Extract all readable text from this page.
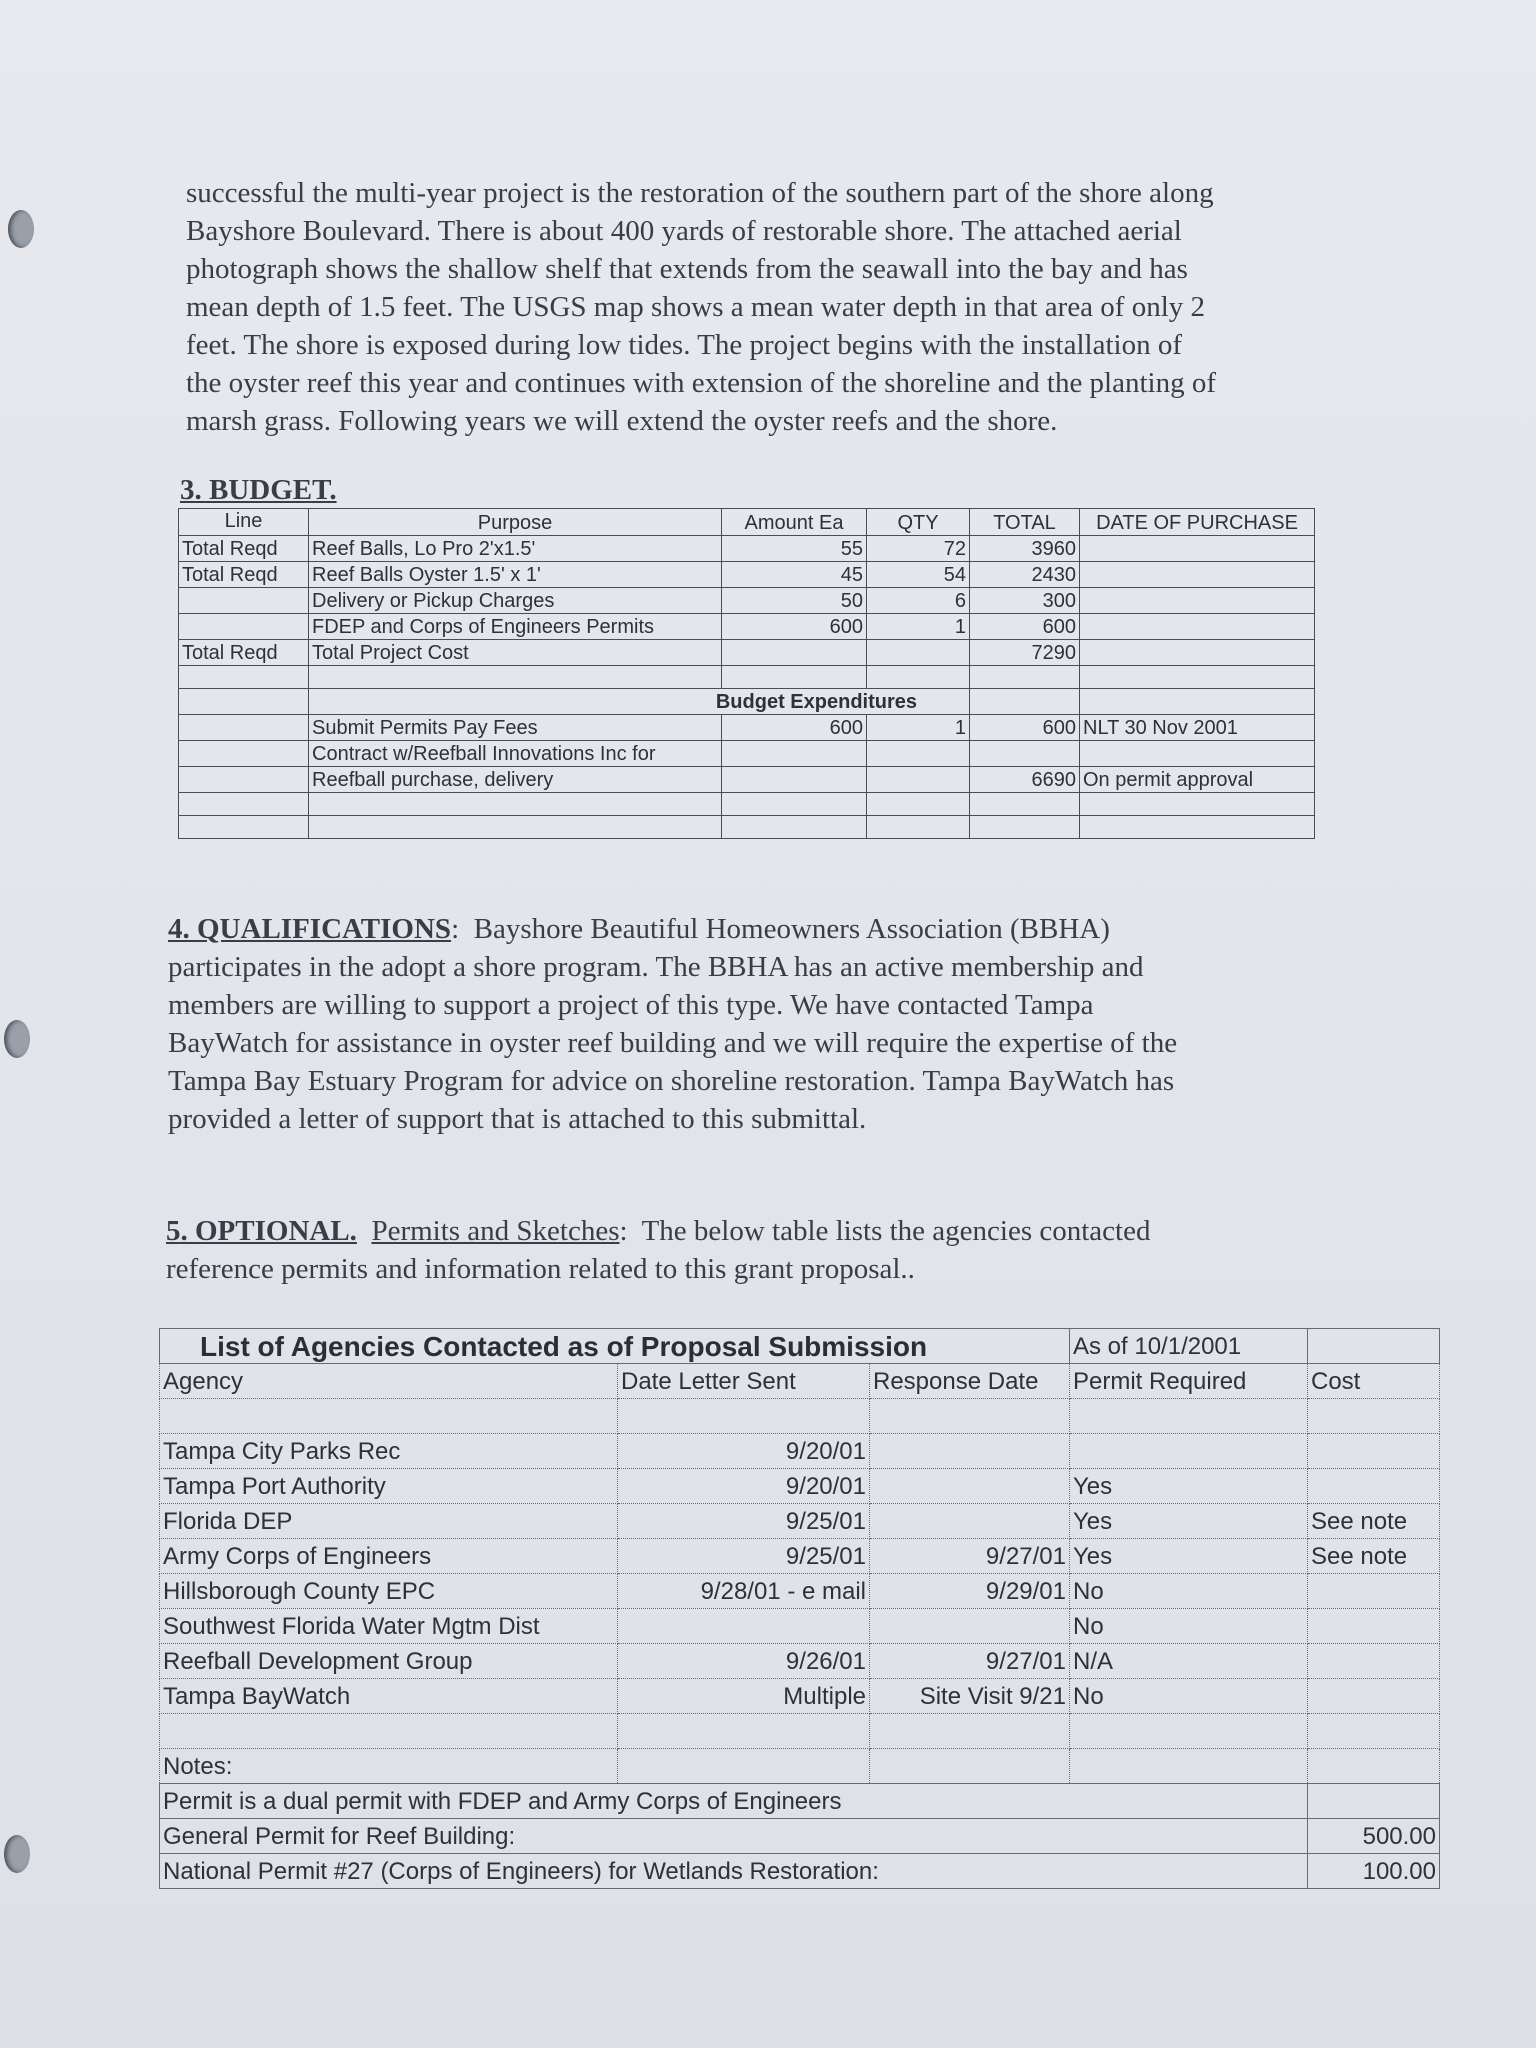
successful the multi-year project is the restoration of the southern part of the shore along

Bayshore Boulevard. There is about 400 yards of restorable shore. The attached aerial

photograph shows the shallow shelf that extends from the seawall into the bay and has

mean depth of 1.5 feet. The USGS map shows a mean water depth in that area of only 2

feet. The shore is exposed during low tides. The project begins with the installation of

the oyster reef this year and continues with extension of the shoreline and the planting of

marsh grass. Following years we will extend the oyster reefs and the shore.

3. BUDGET.
Line	Purpose	Amount Ea	QTY	TOTAL	DATE OF PURCHASE
Total Reqd	Reef Balls, Lo Pro 2'x1.5'	55	72	3960	
Total Reqd	Reef Balls Oyster 1.5' x 1'	45	54	2430	
	Delivery or Pickup Charges	50	6	300	
	FDEP and Corps of Engineers Permits	600	1	600	
Total Reqd	Total Project Cost			7290	

	Budget Expenditures				
	Submit Permits Pay Fees	600	1	600	NLT 30 Nov 2001
	Contract w/Reefball Innovations Inc for				
	Reefball purchase, delivery			6690	On permit approval

4. QUALIFICATIONS:  Bayshore Beautiful Homeowners Association (BBHA)

participates in the adopt a shore program. The BBHA has an active membership and

members are willing to support a project of this type. We have contacted Tampa

BayWatch for assistance in oyster reef building and we will require the expertise of the

Tampa Bay Estuary Program for advice on shoreline restoration. Tampa BayWatch has

provided a letter of support that is attached to this submittal.

5. OPTIONAL. Permits and Sketches:  The below table lists the agencies contacted

reference permits and information related to this grant proposal..

List of Agencies Contacted as of Proposal Submission			As of 10/1/2001	
Agency	Date Letter Sent	Response Date	Permit Required	Cost

Tampa City Parks Rec	9/20/01			
Tampa Port Authority	9/20/01		Yes	
Florida DEP	9/25/01		Yes	See note
Army Corps of Engineers	9/25/01	9/27/01	Yes	See note
Hillsborough County EPC	9/28/01 - e mail	9/29/01	No	
Southwest Florida Water Mgtm Dist			No	
Reefball Development Group	9/26/01	9/27/01	N/A	
Tampa BayWatch	Multiple	Site Visit 9/21	No	

Notes:				
Permit is a dual permit with FDEP and Army Corps of Engineers				
General Permit for Reef Building:				500.00
National Permit #27 (Corps of Engineers) for Wetlands Restoration:				100.00
